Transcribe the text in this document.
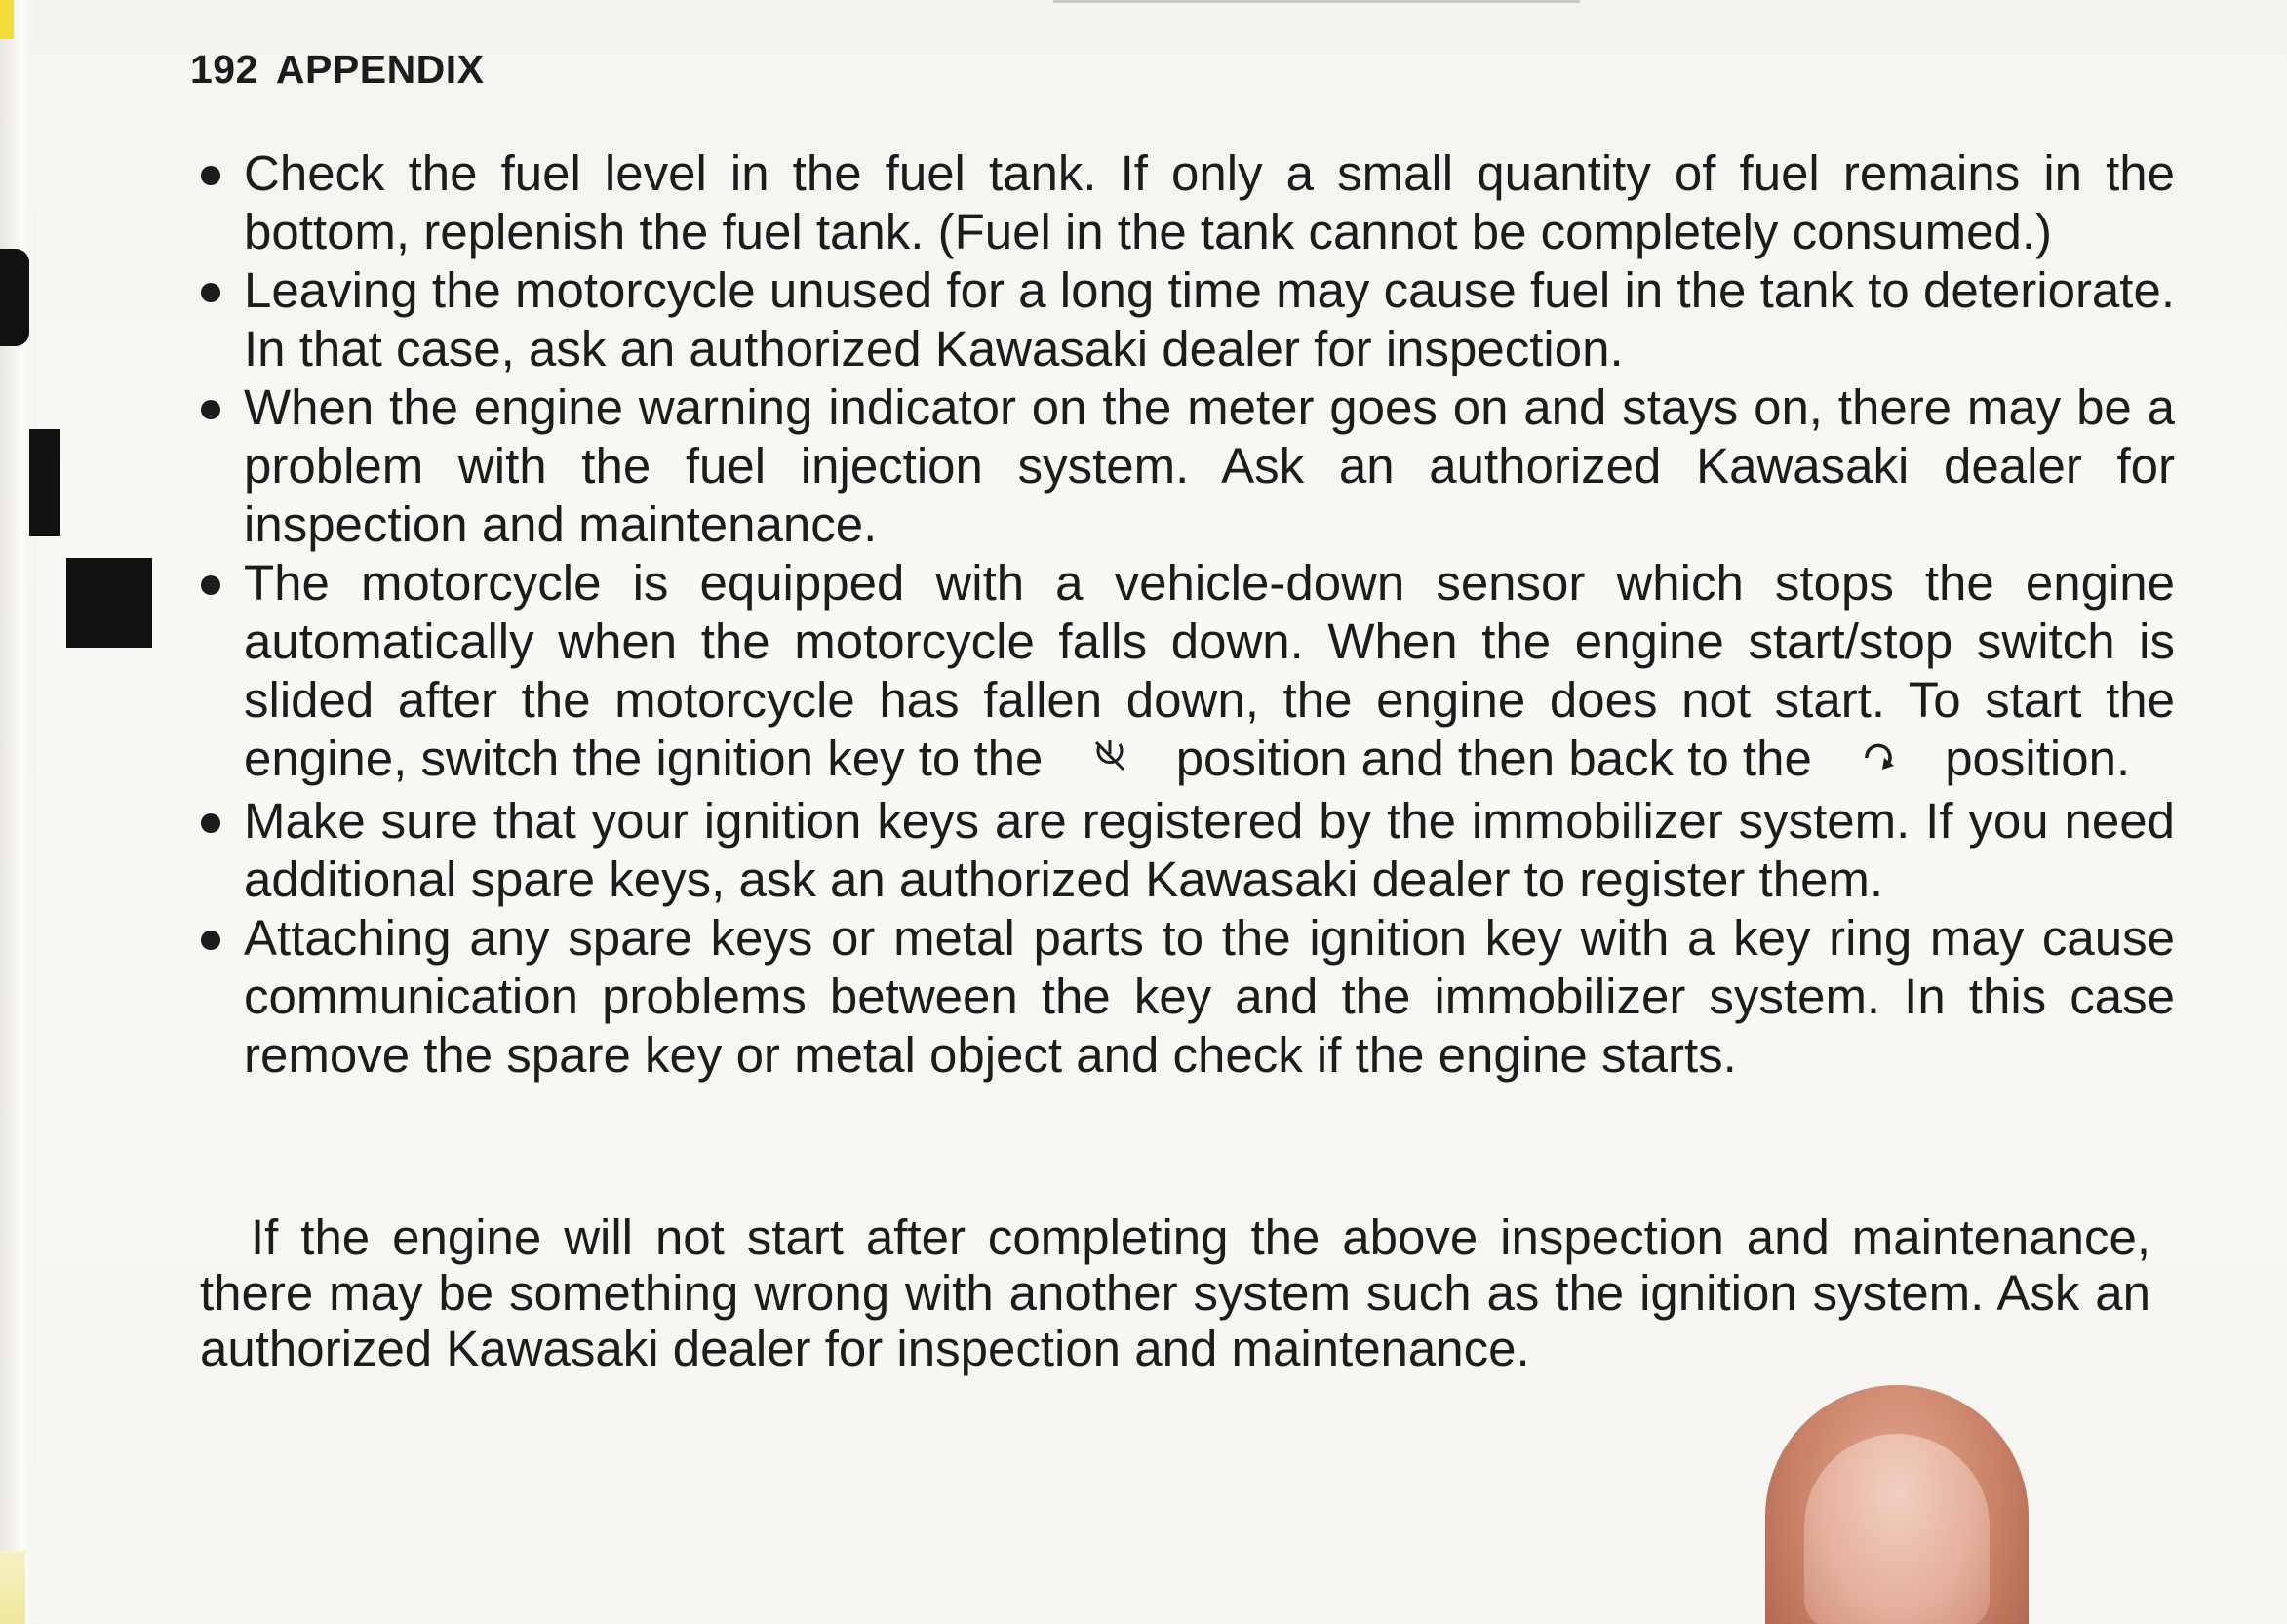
192 APPENDIX
Check the fuel level in the fuel tank. If only a small quantity of fuel remains in the bottom, replenish the fuel tank. (Fuel in the tank cannot be completely consumed.)
Leaving the motorcycle unused for a long time may cause fuel in the tank to deteriorate. In that case, ask an authorized Kawasaki dealer for inspection.
When the engine warning indicator on the meter goes on and stays on, there may be a problem with the fuel injection system. Ask an authorized Kawasaki dealer for inspection and maintenance.
The motorcycle is equipped with a vehicle-down sensor which stops the engine automatically when the motorcycle falls down. When the engine start/stop switch is slided after the motorcycle has fallen down, the engine does not start. To start the engine, switch the ignition key to the	position and then back to the	position.
Make sure that your ignition keys are registered by the immobilizer system. If you need additional spare keys, ask an authorized Kawasaki dealer to register them.
Attaching any spare keys or metal parts to the ignition key with a key ring may cause communication problems between the key and the immobilizer system. In this case remove the spare key or metal object and check if the engine starts.

If the engine will not start after completing the above inspection and maintenance, there may be something wrong with another system such as the ignition system. Ask an authorized Kawasaki dealer for inspection and maintenance.
